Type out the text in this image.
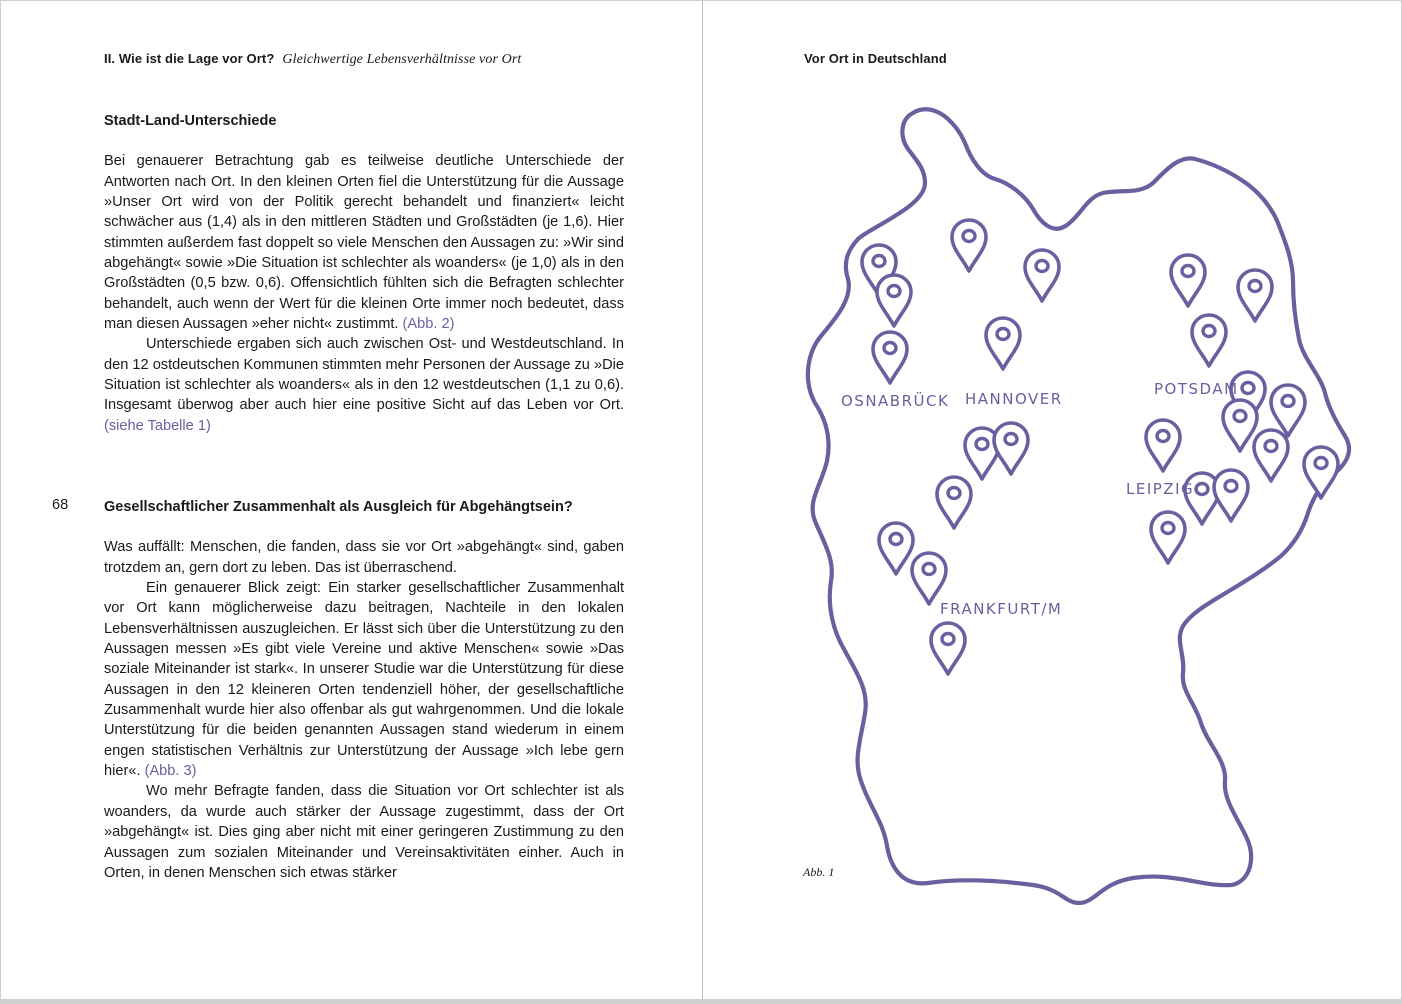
II. Wie ist die Lage vor Ort? Gleichwertige Lebensverhältnisse vor Ort

Stadt-Land-Unterschiede

Bei genauerer Betrachtung gab es teilweise deutliche Unterschiede der Antworten nach Ort. In den kleinen Orten fiel die Unterstützung für die Aussage »Unser Ort wird von der Politik gerecht behandelt und finanziert« leicht schwächer aus (1,4) als in den mittleren Städten und Großstädten (je 1,6). Hier stimmten außerdem fast doppelt so viele Menschen den Aussagen zu: »Wir sind abgehängt« sowie »Die Situation ist schlechter als woanders« (je 1,0) als in den Großstädten (0,5 bzw. 0,6). Offensichtlich fühlten sich die Befragten schlechter behandelt, auch wenn der Wert für die kleinen Orte immer noch bedeutet, dass man diesen Aussagen »eher nicht« zustimmt. (Abb. 2)

Unterschiede ergaben sich auch zwischen Ost- und Westdeutschland. In den 12 ostdeutschen Kommunen stimmten mehr Personen der Aussage zu »Die Situation ist schlechter als woanders« als in den 12 westdeutschen (1,1 zu 0,6). Insgesamt überwog aber auch hier eine positive Sicht auf das Leben vor Ort. (siehe Tabelle 1)

68 Gesellschaftlicher Zusammenhalt als Ausgleich für Abgehängtsein?

Was auffällt: Menschen, die fanden, dass sie vor Ort »abgehängt« sind, gaben trotzdem an, gern dort zu leben. Das ist überraschend.

Ein genauerer Blick zeigt: Ein starker gesellschaftlicher Zusammenhalt vor Ort kann möglicherweise dazu beitragen, Nachteile in den lokalen Lebensverhältnissen auszugleichen. Er lässt sich über die Unterstützung zu den Aussagen messen »Es gibt viele Vereine und aktive Menschen« sowie »Das soziale Miteinander ist stark«. In unserer Studie war die Unterstützung für diese Aussagen in den 12 kleineren Orten tendenziell höher, der gesellschaftliche Zusammenhalt wurde hier also offenbar als gut wahrgenommen. Und die lokale Unterstützung für die beiden genannten Aussagen stand wiederum in einem engen statistischen Verhältnis zur Unterstützung der Aussage »Ich lebe gern hier«. (Abb. 3)

Wo mehr Befragte fanden, dass die Situation vor Ort schlechter ist als woanders, da wurde auch stärker der Aussage zugestimmt, dass der Ort »abgehängt« ist. Dies ging aber nicht mit einer geringeren Zustimmung zu den Aussagen zum sozialen Miteinander und Vereinsaktivitäten einher. Auch in Orten, in denen Menschen sich etwas stärker

Vor Ort in Deutschland
OSNABRÜCK HANNOVER
POTSDAM
LEIPZIG
FRANKFURT/M
Abb. 1
